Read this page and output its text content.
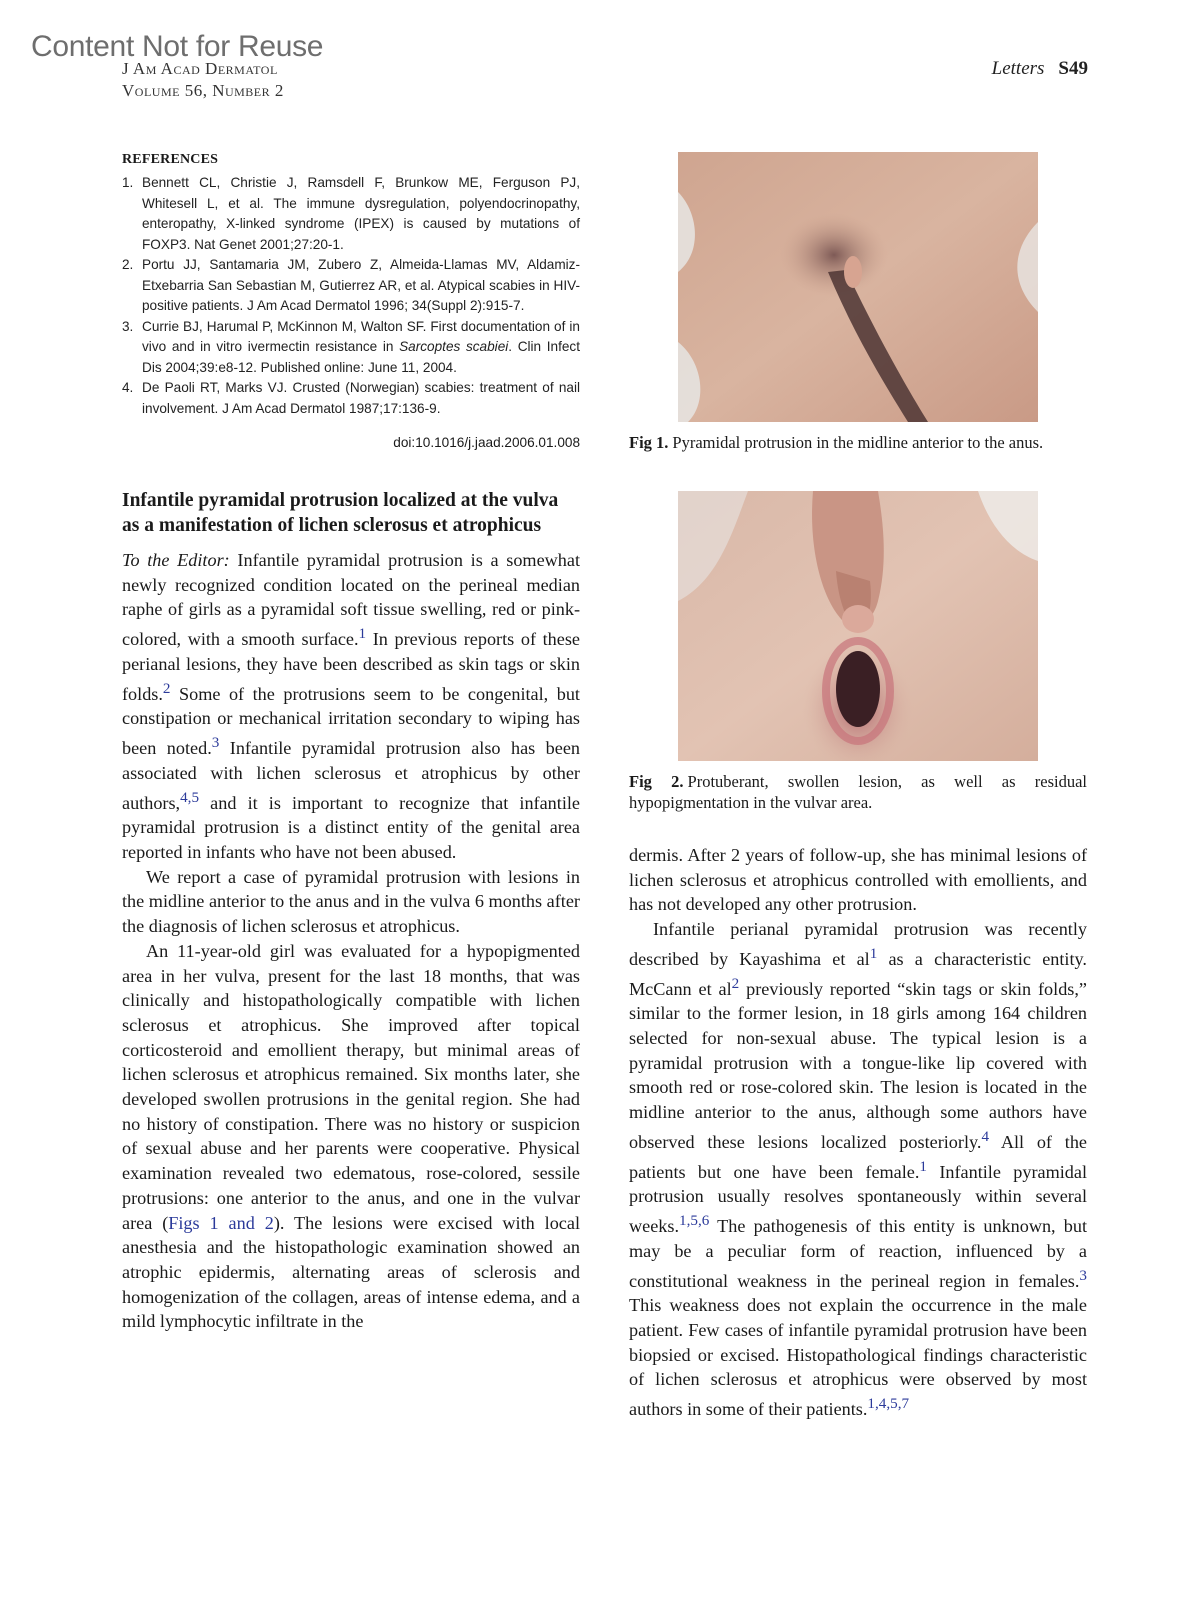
Content Not for Reuse
J Am Acad Dermatol
Volume 56, Number 2
Letters S49
REFERENCES
1. Bennett CL, Christie J, Ramsdell F, Brunkow ME, Ferguson PJ, Whitesell L, et al. The immune dysregulation, polyendocrinopathy, enteropathy, X-linked syndrome (IPEX) is caused by mutations of FOXP3. Nat Genet 2001;27:20-1.
2. Portu JJ, Santamaria JM, Zubero Z, Almeida-Llamas MV, Aldamiz-Etxebarria San Sebastian M, Gutierrez AR, et al. Atypical scabies in HIV-positive patients. J Am Acad Dermatol 1996; 34(Suppl 2):915-7.
3. Currie BJ, Harumal P, McKinnon M, Walton SF. First documentation of in vivo and in vitro ivermectin resistance in Sarcoptes scabiei. Clin Infect Dis 2004;39:e8-12. Published online: June 11, 2004.
4. De Paoli RT, Marks VJ. Crusted (Norwegian) scabies: treatment of nail involvement. J Am Acad Dermatol 1987;17:136-9.
doi:10.1016/j.jaad.2006.01.008
Infantile pyramidal protrusion localized at the vulva as a manifestation of lichen sclerosus et atrophicus

To the Editor: Infantile pyramidal protrusion is a somewhat newly recognized condition located on the perineal median raphe of girls as a pyramidal soft tissue swelling, red or pink-colored, with a smooth surface.$^1$ In previous reports of these perianal lesions, they have been described as skin tags or skin folds.$^2$ Some of the protrusions seem to be congenital, but constipation or mechanical irritation secondary to wiping has been noted.$^3$ Infantile pyramidal protrusion also has been associated with lichen sclerosus et atrophicus by other authors,$^{4,5}$ and it is important to recognize that infantile pyramidal protrusion is a distinct entity of the genital area reported in infants who have not been abused.

We report a case of pyramidal protrusion with lesions in the midline anterior to the anus and in the vulva 6 months after the diagnosis of lichen sclerosus et atrophicus.

An 11-year-old girl was evaluated for a hypopigmented area in her vulva, present for the last 18 months, that was clinically and histopathologically compatible with lichen sclerosus et atrophicus. She improved after topical corticosteroid and emollient therapy, but minimal areas of lichen sclerosus et atrophicus remained. Six months later, she developed swollen protrusions in the genital region. She had no history of constipation. There was no history or suspicion of sexual abuse and her parents were cooperative. Physical examination revealed two edematous, rose-colored, sessile protrusions: one anterior to the anus, and one in the vulvar area (Figs 1 and 2). The lesions were excised with local anesthesia and the histopathologic examination showed an atrophic epidermis, alternating areas of sclerosis and homogenization of the collagen, areas of intense edema, and a mild lymphocytic infiltrate in the

Fig 1. Pyramidal protrusion in the midline anterior to the anus.
Fig 2. Protuberant, swollen lesion, as well as residual hypopigmentation in the vulvar area.

dermis. After 2 years of follow-up, she has minimal lesions of lichen sclerosus et atrophicus controlled with emollients, and has not developed any other protrusion.

Infantile perianal pyramidal protrusion was recently described by Kayashima et $al^1$ as a characteristic entity. McCann et $al^2$ previously reported “skin tags or skin folds,” similar to the former lesion, in 18 girls among 164 children selected for non-sexual abuse. The typical lesion is a pyramidal protrusion with a tongue-like lip covered with smooth red or rose-colored skin. The lesion is located in the midline anterior to the anus, although some authors have observed these lesions localized posteriorly.$^4$ All of the patients but one have been female.$^1$ Infantile pyramidal protrusion usually resolves spontaneously within several weeks.$^{1,5,6}$ The pathogenesis of this entity is unknown, but may be a peculiar form of reaction, influenced by a constitutional weakness in the perineal region in females.$^3$ This weakness does not explain the occurrence in the male patient. Few cases of infantile pyramidal protrusion have been biopsied or excised. Histopathological findings characteristic of lichen sclerosus et atrophicus were observed by most authors in some of their patients.$^{1,4,5,7}$
